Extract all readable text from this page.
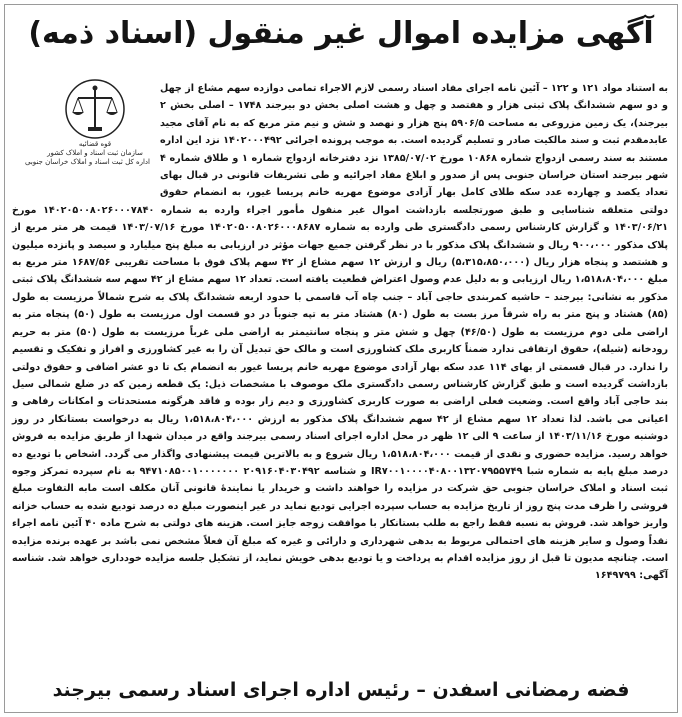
آگهی مزایده اموال غیر منقول (اسناد ذمه)
قوه قضائیه
سازمان ثبت اسناد و املاک کشور
اداره کل ثبت اسناد و املاک خراسان جنوبی
به استناد مواد ۱۲۱ و ۱۲۲ – آئین نامه اجرای مفاد اسناد رسمی لازم الاجراء تمامی دوازده سهم مشاع از چهل و دو سهم ششدانگ پلاک ثبتی هزار و هفتصد و چهل و هشت اصلی بخش دو بیرجند ۱۷۴۸ – اصلی بخش ۲ بیرجند)، یک زمین مزروعی به مساحت ۵۹۰۶/۵ پنج هزار و نهصد و شش و نیم متر مربع که به نام آقای مجید عابدمقدم ثبت و سند مالکیت صادر و تسلیم گردیده است. به موجب پرونده اجرائی ۱۴۰۲۰۰۰۴۹۲ نزد این اداره مستند به سند رسمی ازدواج شماره ۱۰۸۶۸ مورخ ۱۳۸۵/۰۷/۰۲ نزد دفترخانه ازدواج شماره ۱ و طلاق شماره ۴ شهر بیرجند استان خراسان جنوبی پس از صدور و ابلاغ مفاد اجرائیه و طی تشریفات قانونی در قبال بهای تعداد یکصد و چهارده عدد سکه طلای کامل بهار آزادی موضوع مهریه خانم پریسا غیور، به انضمام حقوق دولتی متعلقه شناسایی و طبق صورتجلسه بازداشت اموال غیر منقول مأمور اجراء وارده به شماره ۱۴۰۲۰۵۰۰۸۰۲۶۰۰۰۷۸۴۰ مورخ ۱۴۰۳/۰۶/۲۱ و گزارش کارشناس رسمی دادگستری طی وارده به شماره ۱۴۰۲۰۵۰۰۸۰۲۶۰۰۰۸۶۸۷ مورخ ۱۴۰۳/۰۷/۱۶ قیمت هر متر مربع از پلاک مذکور ۹۰۰،۰۰۰ ریال و ششدانگ پلاک مذکور با در نظر گرفتن جمیع جهات مؤثر در ارزیابی به مبلغ پنج میلیارد و سیصد و پانزده میلیون و هشتصد و پنجاه هزار ریال (۵،۳۱۵،۸۵۰،۰۰۰) ریال و ارزش ۱۲ سهم مشاع از ۴۲ سهم پلاک فوق با مساحت تقریبی ۱۶۸۷/۵۶ متر مربع به مبلغ ۱،۵۱۸،۸۰۴،۰۰۰ ریال ارزیابی و به دلیل عدم وصول اعتراض قطعیت یافته است. تعداد ۱۲ سهم مشاع از ۴۲ سهم سه ششدانگ پلاک ثبتی مذکور به نشانی: بیرجند – حاشیه کمربندی حاجی آباد – جنب چاه آب قاسمی با حدود اربعه ششدانگ پلاک به شرح شمالاً مرزیست به طول (۸۵) هشتاد و پنج متر به راه شرقاً مرز بست به طول (۸۰) هشتاد متر به تپه جنوباً در دو قسمت اول مرزیست به طول (۵۰) پنجاه متر به اراضی ملی دوم مرزیست به طول (۴۶/۵۰) چهل و شش متر و پنجاه سانتیمتر به اراضی ملی غرباً مرزیست به طول (۵۰) متر به حریم رودخانه (شیله)، حقوق ارتفاقی ندارد ضمناً کاربری ملک کشاورزی است و مالک حق تبدیل آن را به غیر کشاورزی و افراز و تفکیک و تقسیم را ندارد. در قبال قسمتی از بهای ۱۱۴ عدد سکه بهار آزادی موضوع مهریه خانم پریسا غیور به انضمام یک تا دو عشر اضافی و حقوق دولتی بازداشت گردیده است و طبق گزارش کارشناس رسمی دادگستری ملک موصوف با مشخصات ذیل: یک قطعه زمین که در ضلع شمالی سیل بند حاجی آباد واقع است. وضعیت فعلی اراضی به صورت کاربری کشاورزی و دیم زار بوده و فاقد هرگونه مستحدثات و امکانات رفاهی و اعیانی می باشد. لذا تعداد ۱۲ سهم مشاع از ۴۲ سهم ششدانگ پلاک مذکور به ارزش ۱،۵۱۸،۸۰۴،۰۰۰ ریال به درخواست بستانکار در روز دوشنبه مورخ ۱۴۰۳/۱۱/۱۶ از ساعت ۹ الی ۱۲ ظهر در محل اداره اجرای اسناد رسمی بیرجند واقع در میدان شهدا از طریق مزایده به فروش خواهد رسید. مزایده حضوری و نقدی از قیمت ۱،۵۱۸،۸۰۴،۰۰۰ ریال شروع و به بالاترین قیمت پیشنهادی واگذار می گردد. اشخاص با تودیع ده درصد مبلغ پایه به شماره شبا IR۷۰۰۱۰۰۰۰۴۰۸۰۰۱۳۲۰۷۹۵۵۷۴۹ و شناسه ۲۰۹۱۶۰۴۰۳۰۴۹۲ ۹۴۷۱۰۸۵۰۰۱۰۰۰۰۰۰۰ به نام سپرده تمرکز وجوه ثبت اسناد و املاک خراسان جنوبی حق شرکت در مزایده را خواهند داشت و خریدار یا نمایندۀ قانونی آنان مکلف است مابه التفاوت مبلغ فروشی را ظرف مدت پنج روز از تاریخ مزایده به حساب سپرده اجرایی تودیع نماید در غیر اینصورت مبلغ ده درصد تودیع شده به حساب خزانه واریز خواهد شد. فروش به نسبه فقط راجع به طلب بستانکار با موافقت زوجه جایز است. هزینه های دولتی به شرح ماده ۴۰ آئین نامه اجراء نقداً وصول و سایر هزینه های احتمالی مربوط به بدهی شهرداری و دارائی و غیره که مبلغ آن فعلاً مشخص نمی باشد بر عهده برنده مزایده است. چنانچه مدیون تا قبل از روز مزایده اقدام به پرداخت و یا تودیع بدهی خویش نماید، از تشکیل جلسه مزایده خودداری خواهد شد. شناسه آگهی: ۱۶۴۹۷۹۹
فضه رمضانی اسفدن – رئیس اداره اجرای اسناد رسمی بیرجند
